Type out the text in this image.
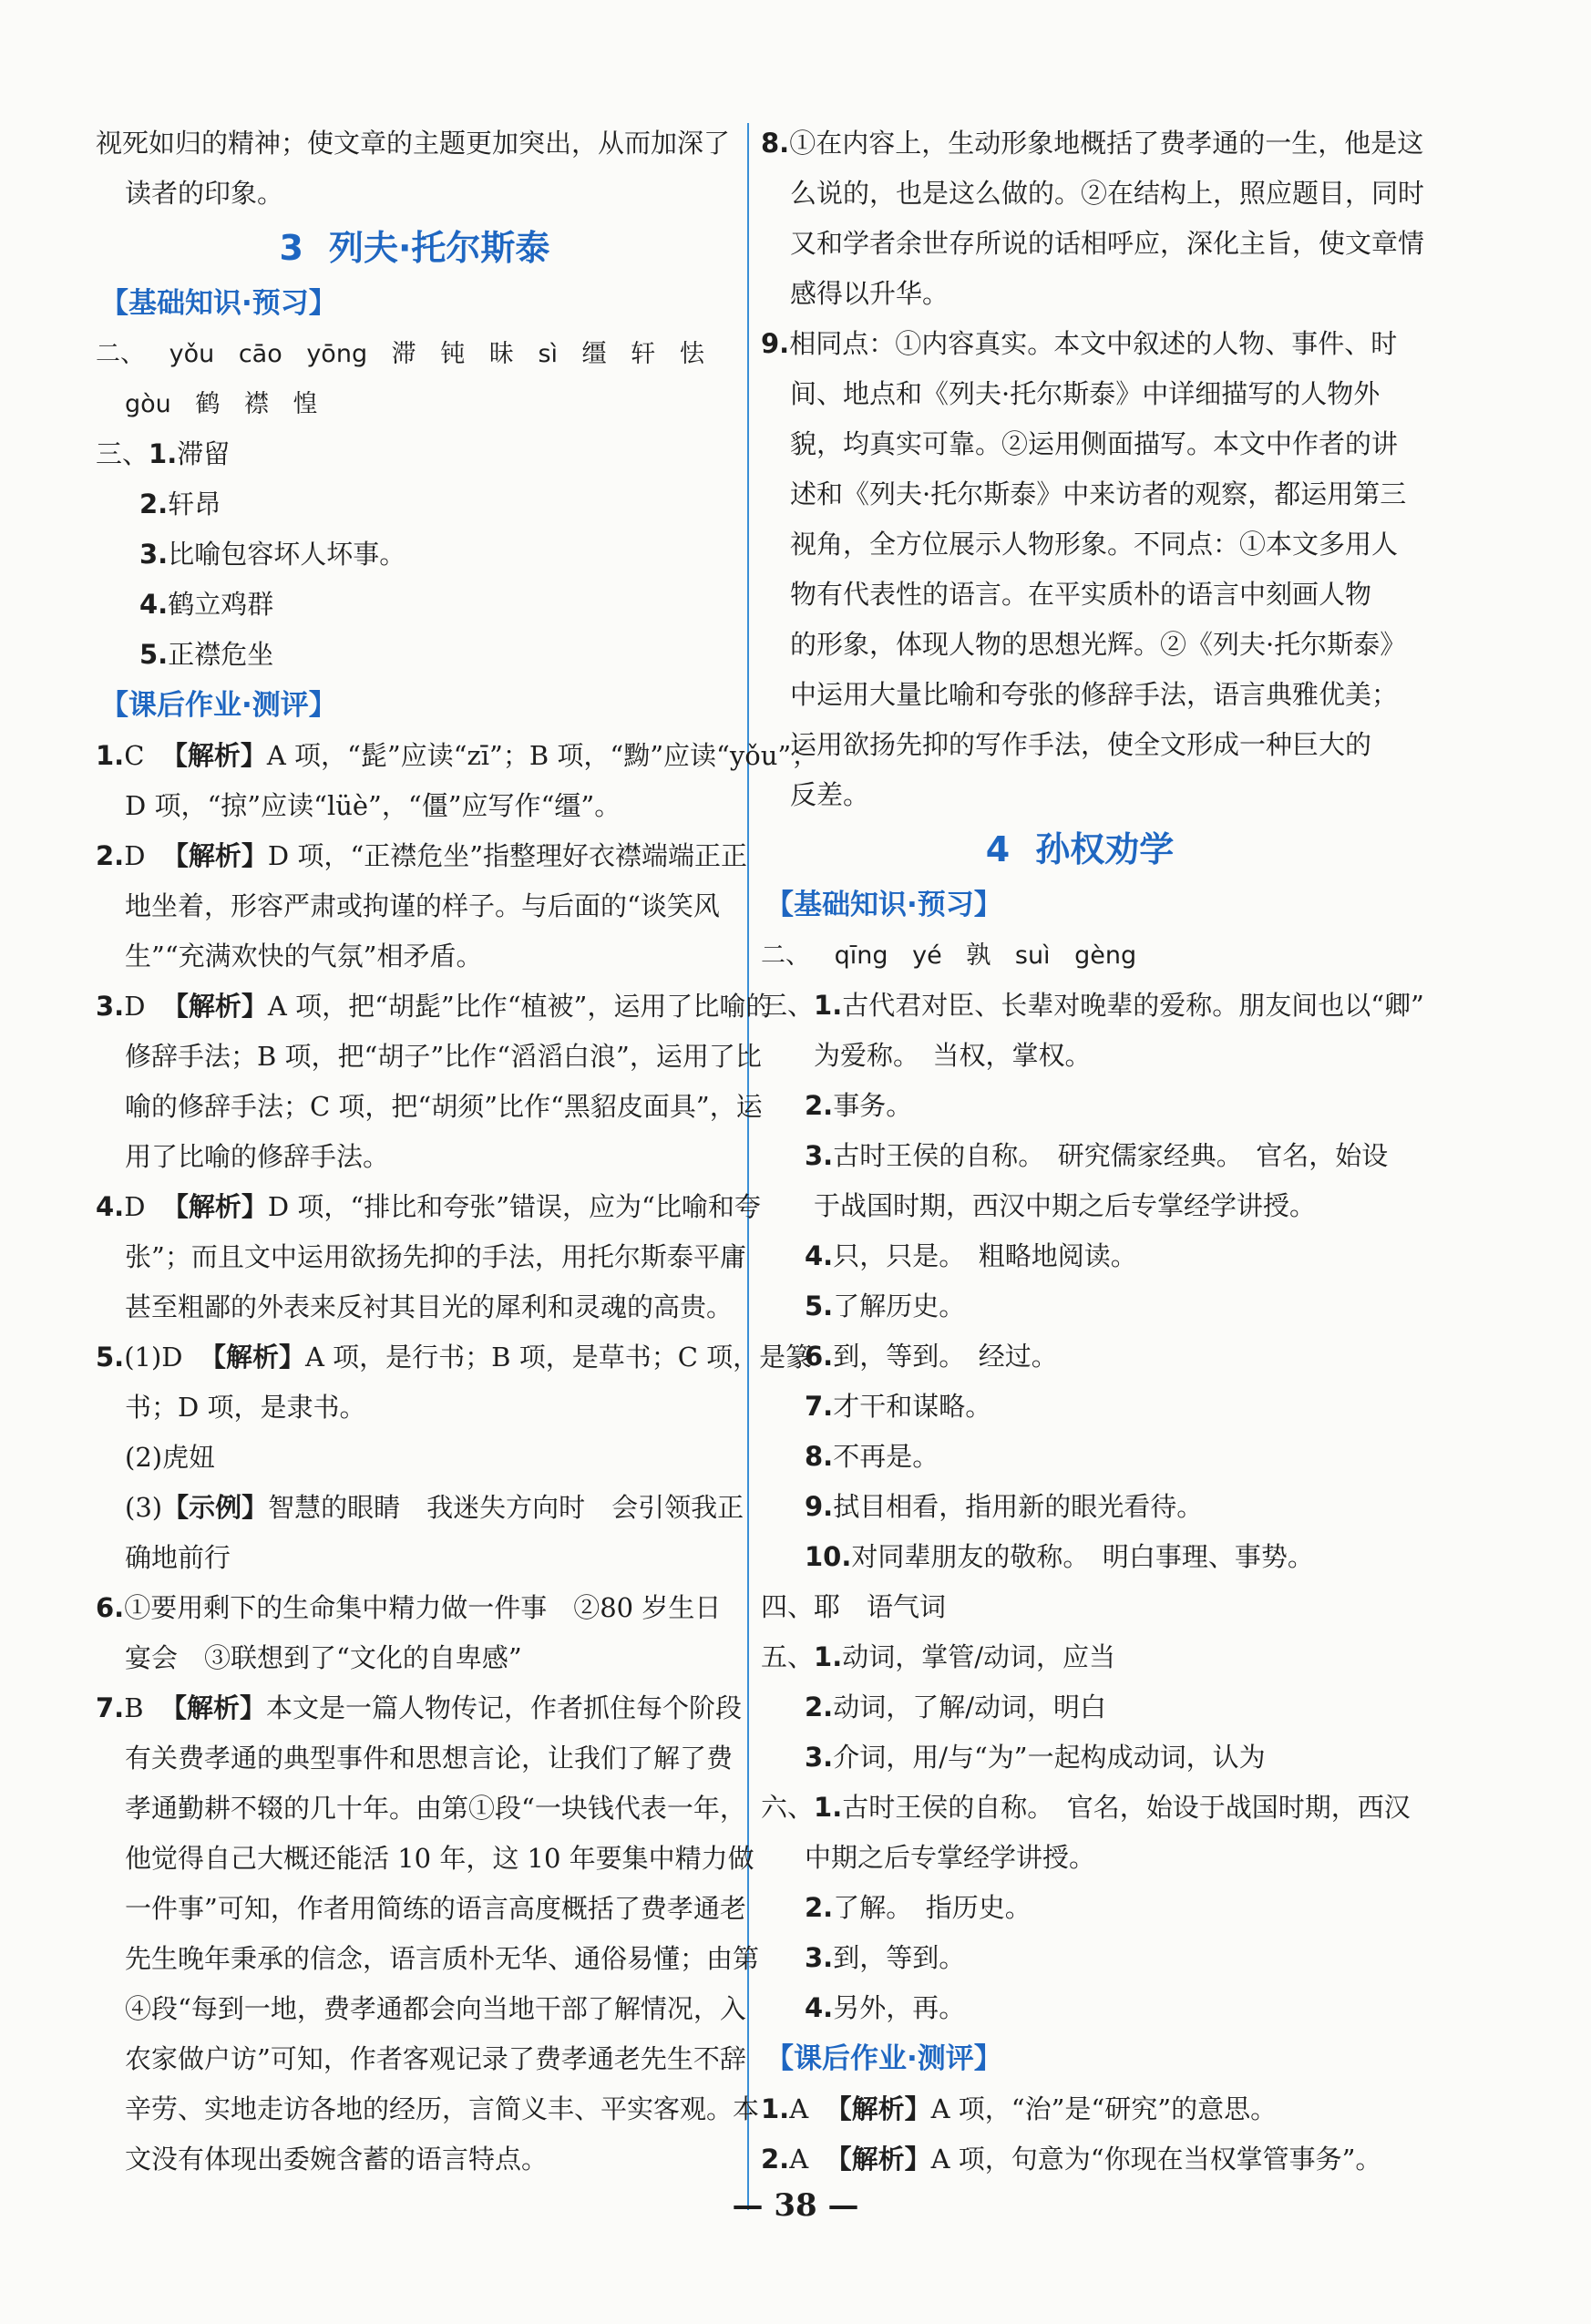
视死如归的精神；使文章的主题更加突出，从而加深了
读者的印象。
3 列夫·托尔斯泰
【基础知识·预习】
二、 yǒu cāo yōng 滞 钝 昧 sì 缰 轩 怯
gòu 鹤 襟 惶
三、1.滞留
2.轩昂
3.比喻包容坏人坏事。
4.鹤立鸡群
5.正襟危坐
【课后作业·测评】
1.C 【解析】A 项，“髭”应读“zī”；B 项，“黝”应读“yǒu”；
D 项，“掠”应读“lüè”，“僵”应写作“缰”。
2.D 【解析】D 项，“正襟危坐”指整理好衣襟端端正正
地坐着，形容严肃或拘谨的样子。与后面的“谈笑风
生”“充满欢快的气氛”相矛盾。
3.D 【解析】A 项，把“胡髭”比作“植被”，运用了比喻的
修辞手法；B 项，把“胡子”比作“滔滔白浪”，运用了比
喻的修辞手法；C 项，把“胡须”比作“黑貂皮面具”，运
用了比喻的修辞手法。
4.D 【解析】D 项，“排比和夸张”错误，应为“比喻和夸
张”；而且文中运用欲扬先抑的手法，用托尔斯泰平庸
甚至粗鄙的外表来反衬其目光的犀利和灵魂的高贵。
5.(1)D 【解析】A 项，是行书；B 项，是草书；C 项，是篆
书；D 项，是隶书。
(2)虎妞
(3)【示例】智慧的眼睛　我迷失方向时　会引领我正
确地前行
6.①要用剩下的生命集中精力做一件事　②80 岁生日
宴会　③联想到了“文化的自卑感”
7.B 【解析】本文是一篇人物传记，作者抓住每个阶段
有关费孝通的典型事件和思想言论，让我们了解了费
孝通勤耕不辍的几十年。由第①段“一块钱代表一年，
他觉得自己大概还能活 10 年，这 10 年要集中精力做
一件事”可知，作者用简练的语言高度概括了费孝通老
先生晚年秉承的信念，语言质朴无华、通俗易懂；由第
④段“每到一地，费孝通都会向当地干部了解情况，入
农家做户访”可知，作者客观记录了费孝通老先生不辞
辛劳、实地走访各地的经历，言简义丰、平实客观。本
文没有体现出委婉含蓄的语言特点。
8.①在内容上，生动形象地概括了费孝通的一生，他是这
么说的，也是这么做的。②在结构上，照应题目，同时
又和学者余世存所说的话相呼应，深化主旨，使文章情
感得以升华。
9.相同点：①内容真实。本文中叙述的人物、事件、时
间、地点和《列夫·托尔斯泰》中详细描写的人物外
貌，均真实可靠。②运用侧面描写。本文中作者的讲
述和《列夫·托尔斯泰》中来访者的观察，都运用第三
视角，全方位展示人物形象。不同点：①本文多用人
物有代表性的语言。在平实质朴的语言中刻画人物
的形象，体现人物的思想光辉。②《列夫·托尔斯泰》
中运用大量比喻和夸张的修辞手法，语言典雅优美；
运用欲扬先抑的写作手法，使全文形成一种巨大的
反差。
4 孙权劝学
【基础知识·预习】
二、 qīng yé 孰 suì gèng
三、1.古代君对臣、长辈对晚辈的爱称。朋友间也以“卿”
为爱称。　当权，掌权。
2.事务。
3.古时王侯的自称。　研究儒家经典。　官名，始设
于战国时期，西汉中期之后专掌经学讲授。
4.只，只是。　粗略地阅读。
5.了解历史。
6.到，等到。　经过。
7.才干和谋略。
8.不再是。
9.拭目相看，指用新的眼光看待。
10.对同辈朋友的敬称。　明白事理、事势。
四、耶　语气词
五、1.动词，掌管/动词，应当
2.动词，了解/动词，明白
3.介词，用/与“为”一起构成动词，认为
六、1.古时王侯的自称。　官名，始设于战国时期，西汉
中期之后专掌经学讲授。
2.了解。　指历史。
3.到，等到。
4.另外，再。
【课后作业·测评】
1.A 【解析】A 项，“治”是“研究”的意思。
2.A 【解析】A 项，句意为“你现在当权掌管事务”。
— 38 —
